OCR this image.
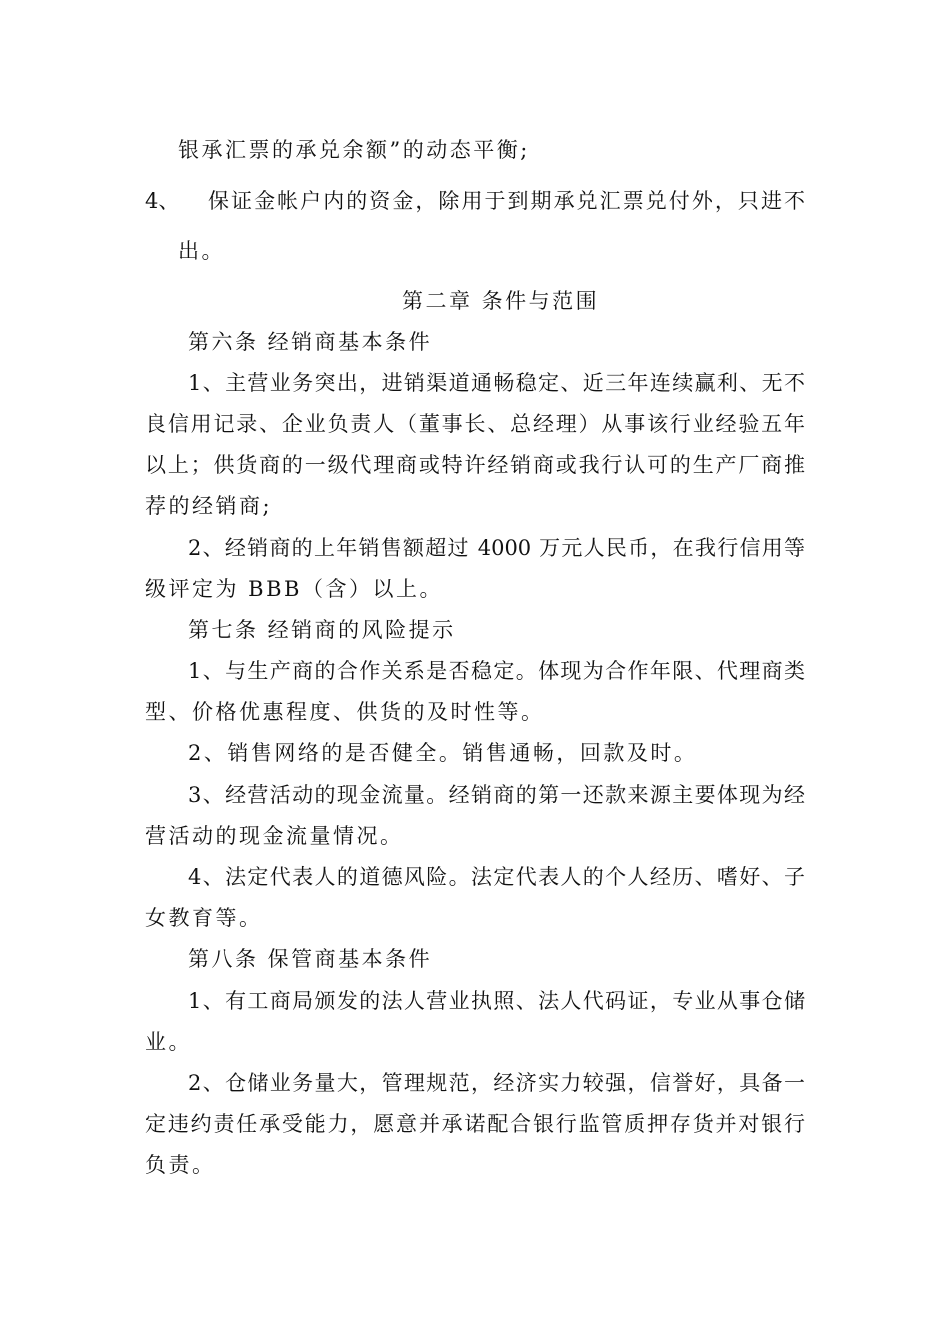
银承汇票的承兑余额”的动态平衡;
4、 保证金帐户内的资金，除用于到期承兑汇票兑付外，只进不
出。
第二章 条件与范围
第六条 经销商基本条件
1、主营业务突出，进销渠道通畅稳定、近三年连续赢利、无不
良信用记录、企业负责人（董事长、总经理）从事该行业经验五年
以上；供货商的一级代理商或特许经销商或我行认可的生产厂商推
荐的经销商;
2、经销商的上年销售额超过 4000 万元人民币，在我行信用等
级评定为 BBB（含）以上。
第七条 经销商的风险提示
1、与生产商的合作关系是否稳定。体现为合作年限、代理商类
型、价格优惠程度、供货的及时性等。
2、销售网络的是否健全。销售通畅，回款及时。
3、经营活动的现金流量。经销商的第一还款来源主要体现为经
营活动的现金流量情况。
4、法定代表人的道德风险。法定代表人的个人经历、嗜好、子
女教育等。
第八条 保管商基本条件
1、有工商局颁发的法人营业执照、法人代码证，专业从事仓储
业。
2、仓储业务量大，管理规范，经济实力较强，信誉好，具备一
定违约责任承受能力，愿意并承诺配合银行监管质押存货并对银行
负责。
